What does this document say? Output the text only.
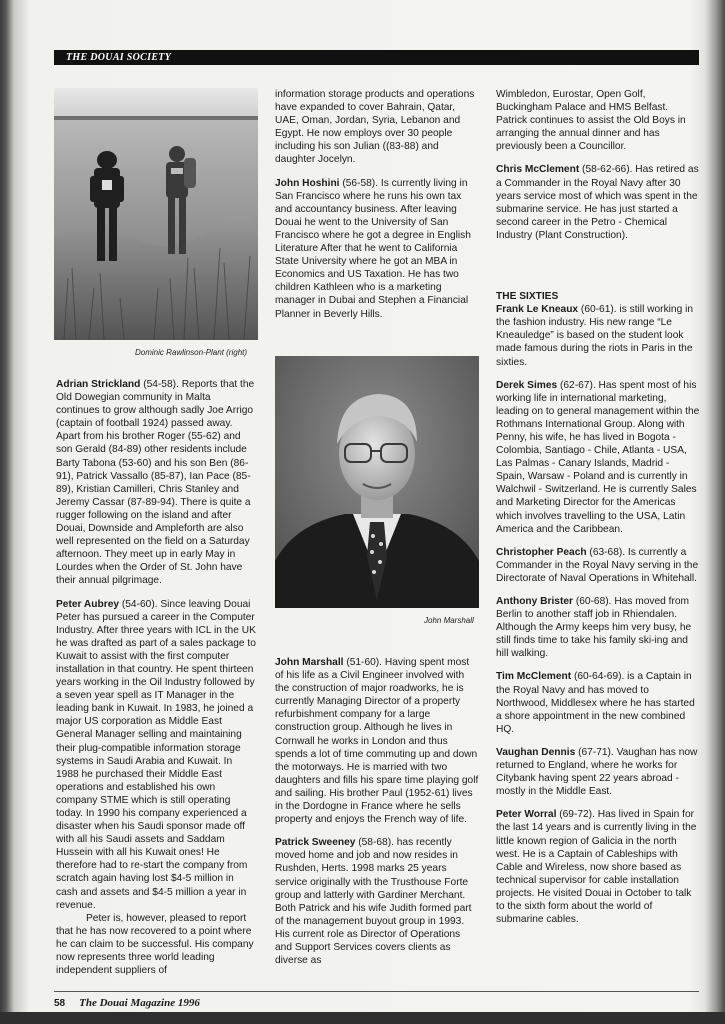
THE DOUAI SOCIETY
Dominic Rawlinson-Plant (right)
John Marshall

Adrian Strickland (54-58). Reports that the Old Dowegian community in Malta continues to grow although sadly Joe Arrigo (captain of football 1924) passed away. Apart from his brother Roger (55-62) and son Gerald (84-89) other residents include Barty Tabona (53-60) and his son Ben (86-91), Patrick Vassallo (85-87), Ian Pace (85-89), Kristian Camilleri, Chris Stanley and Jeremy Cassar (87-89-94). There is quite a rugger following on the island and after Douai, Downside and Ampleforth are also well represented on the field on a Saturday afternoon. They meet up in early May in Lourdes when the Order of St. John have their annual pilgrimage.

Peter Aubrey (54-60). Since leaving Douai Peter has pursued a career in the Computer Industry. After three years with ICL in the UK he was drafted as part of a sales package to Kuwait to assist with the first computer installation in that country. He spent thirteen years working in the Oil Industry followed by a seven year spell as IT Manager in the leading bank in Kuwait. In 1983, he joined a major US corporation as Middle East General Manager selling and maintaining their plug-compatible information storage systems in Saudi Arabia and Kuwait. In 1988 he purchased their Middle East operations and established his own company STME which is still operating today. In 1990 his company experienced a disaster when his Saudi sponsor made off with all his Saudi assets and Saddam Hussein with all his Kuwait ones! He therefore had to re-start the company from scratch again having lost $4-5 million in cash and assets and $4-5 million a year in revenue.

Peter is, however, pleased to report that he has now recovered to a point where he can claim to be successful. His company now represents three world leading independent suppliers of

information storage products and operations have expanded to cover Bahrain, Qatar, UAE, Oman, Jordan, Syria, Lebanon and Egypt. He now employs over 30 people including his son Julian ((83-88) and daughter Jocelyn.

John Hoshini (56-58). Is currently living in San Francisco where he runs his own tax and accountancy business. After leaving Douai he went to the University of San Francisco where he got a degree in English Literature After that he went to California State University where he got an MBA in Economics and US Taxation. He has two children Kathleen who is a marketing manager in Dubai and Stephen a Financial Planner in Beverly Hills.

John Marshall (51-60). Having spent most of his life as a Civil Engineer involved with the construction of major roadworks, he is currently Managing Director of a property refurbishment company for a large construction group. Although he lives in Cornwall he works in London and thus spends a lot of time commuting up and down the motorways. He is married with two daughters and fills his spare time playing golf and sailing. His brother Paul (1952-61) lives in the Dordogne in France where he sells property and enjoys the French way of life.

Patrick Sweeney (58-68). has recently moved home and job and now resides in Rushden, Herts. 1998 marks 25 years service originally with the Trusthouse Forte group and latterly with Gardiner Merchant. Both Patrick and his wife Judith formed part of the management buyout group in 1993. His current role as Director of Operations and Support Services covers clients as diverse as

Wimbledon, Eurostar, Open Golf, Buckingham Palace and HMS Belfast. Patrick continues to assist the Old Boys in arranging the annual dinner and has previously been a Councillor.

Chris McClement (58-62-66). Has retired as a Commander in the Royal Navy after 30 years service most of which was spent in the submarine service. He has just started a second career in the Petro - Chemical Industry (Plant Construction).

THE SIXTIES
Frank Le Kneaux (60-61). is still working in the fashion industry. His new range “Le Kneauledge” is based on the student look made famous during the riots in Paris in the sixties.

Derek Simes (62-67). Has spent most of his working life in international marketing, leading on to general management within the Rothmans International Group. Along with Penny, his wife, he has lived in Bogota - Colombia, Santiago - Chile, Atlanta - USA, Las Palmas - Canary Islands, Madrid - Spain, Warsaw - Poland and is currently in Walchwil - Switzerland. He is currently Sales and Marketing Director for the Americas which involves travelling to the USA, Latin America and the Caribbean.

Christopher Peach (63-68). Is currently a Commander in the Royal Navy serving in the Directorate of Naval Operations in Whitehall.

Anthony Brister (60-68). Has moved from Berlin to another staff job in Rhiendalen. Although the Army keeps him very busy, he still finds time to take his family ski-ing and hill walking.

Tim McClement (60-64-69). is a Captain in the Royal Navy and has moved to Northwood, Middlesex where he has started a shore appointment in the new combined HQ.

Vaughan Dennis (67-71). Vaughan has now returned to England, where he works for Citybank having spent 22 years abroad - mostly in the Middle East.

Peter Worral (69-72). Has lived in Spain for the last 14 years and is currently living in the little known region of Galicia in the north west. He is a Captain of Cableships with Cable and Wireless, now shore based as technical supervisor for cable installation projects. He visited Douai in October to talk to the sixth form about the world of submarine cables.

58 The Douai Magazine 1996
